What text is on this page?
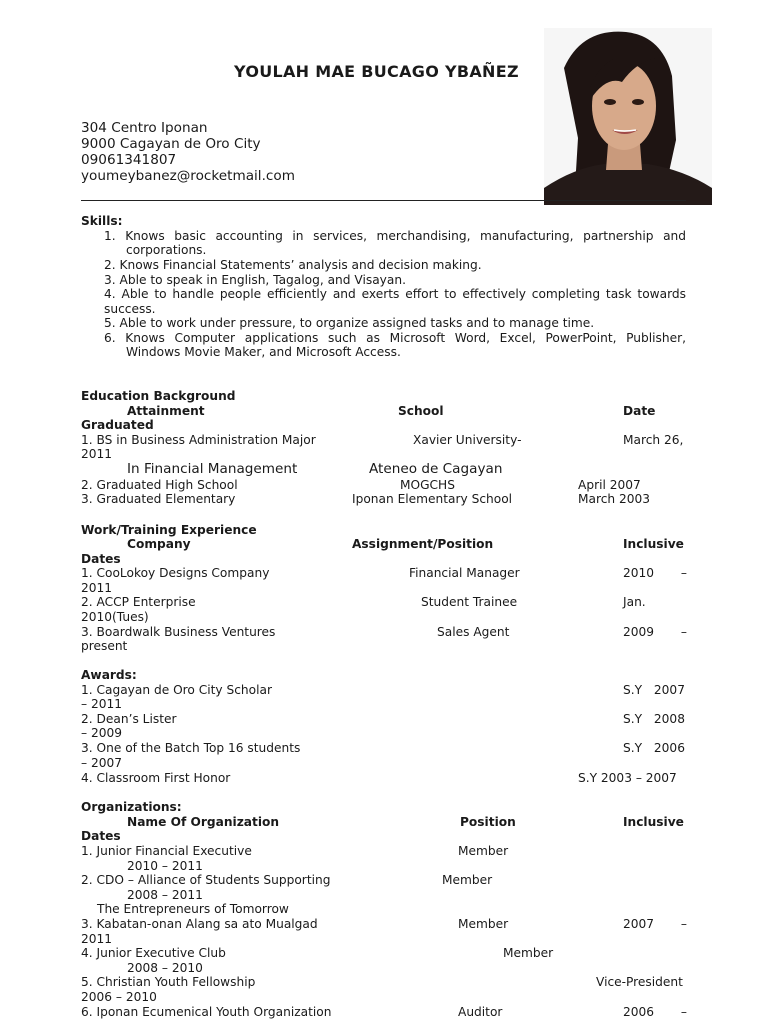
YOULAH MAE BUCAGO YBAÑEZ
304 Centro Iponan
9000 Cagayan de Oro City
09061341807
youmeybanez@rocketmail.com
Skills:
1. Knows basic accounting in services, merchandising, manufacturing, partnership and
corporations.
2. Knows Financial Statements’ analysis and decision making.
3. Able to speak in English, Tagalog, and Visayan.
4. Able to handle people efficiently and exerts effort to effectively completing task towards
success.
5. Able to work under pressure, to organize assigned tasks and to manage time.
6. Knows Computer applications such as Microsoft Word, Excel, PowerPoint, Publisher,
Windows Movie Maker, and Microsoft Access.
Education Background
Attainment	School	Date
Graduated
1. BS in Business Administration Major	Xavier University-	March 26,
2011
In Financial Management	Ateneo de Cagayan
2. Graduated High School	MOGCHS	April 2007
3. Graduated Elementary	Iponan Elementary School	March 2003
Work/Training Experience
Company	Assignment/Position	Inclusive
Dates
1. CooLokoy Designs Company	Financial Manager	2010 –
2011
2. ACCP Enterprise	Student Trainee	Jan.
2010(Tues)
3. Boardwalk Business Ventures	Sales Agent	2009 –
present
Awards:
1. Cagayan de Oro City Scholar	S.Y 2007
– 2011
2. Dean’s Lister	S.Y 2008
– 2009
3. One of the Batch Top 16 students	S.Y 2006
– 2007
4. Classroom First Honor	S.Y 2003 – 2007
Organizations:
Name Of Organization	Position	Inclusive
Dates
1. Junior Financial Executive	Member
2010 – 2011
2. CDO – Alliance of Students Supporting	Member
2008 – 2011
The Entrepreneurs of Tomorrow
3. Kabatan-onan Alang sa ato Mualgad	Member	2007 –
2011
4. Junior Executive Club	Member
2008 – 2010
5. Christian Youth Fellowship	Vice-President
2006 – 2010
6. Iponan Ecumenical Youth Organization	Auditor	2006 –
